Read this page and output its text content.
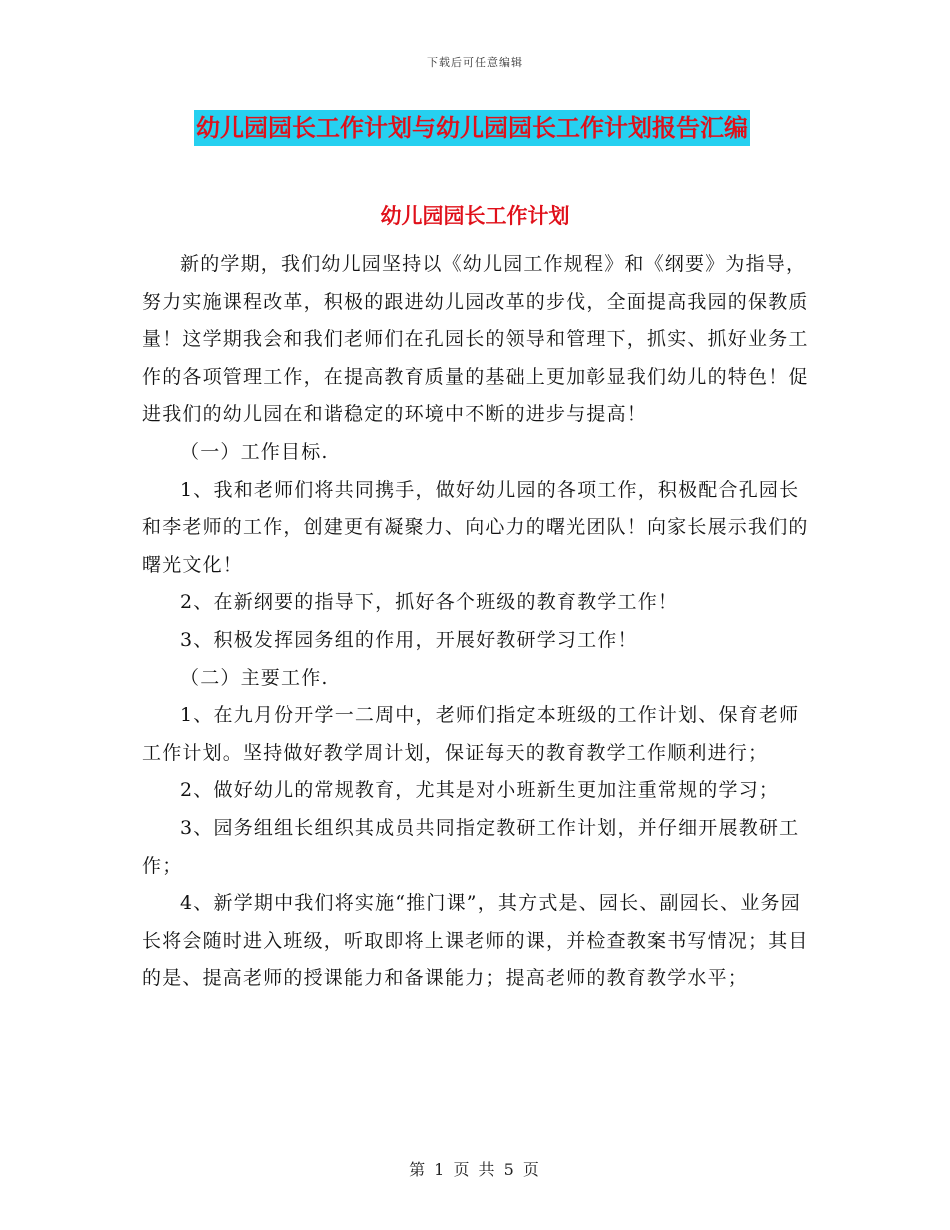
下载后可任意编辑
幼儿园园长工作计划与幼儿园园长工作计划报告汇编
幼儿园园长工作计划

新的学期，我们幼儿园坚持以《幼儿园工作规程》和《纲要》为指导，努力实施课程改革，积极的跟进幼儿园改革的步伐，全面提高我园的保教质量！这学期我会和我们老师们在孔园长的领导和管理下，抓实、抓好业务工作的各项管理工作，在提高教育质量的基础上更加彰显我们幼儿的特色！促进我们的幼儿园在和谐稳定的环境中不断的进步与提高！

（一）工作目标.

1、我和老师们将共同携手，做好幼儿园的各项工作，积极配合孔园长和李老师的工作，创建更有凝聚力、向心力的曙光团队！向家长展示我们的曙光文化！

2、在新纲要的指导下，抓好各个班级的教育教学工作！

3、积极发挥园务组的作用，开展好教研学习工作！

（二）主要工作.

1、在九月份开学一二周中，老师们指定本班级的工作计划、保育老师工作计划。坚持做好教学周计划，保证每天的教育教学工作顺利进行；

2、做好幼儿的常规教育，尤其是对小班新生更加注重常规的学习；

3、园务组组长组织其成员共同指定教研工作计划，并仔细开展教研工作；

4、新学期中我们将实施“推门课”，其方式是、园长、副园长、业务园长将会随时进入班级，听取即将上课老师的课，并检查教案书写情况；其目的是、提高老师的授课能力和备课能力；提高老师的教育教学水平；

第 1 页 共 5 页
